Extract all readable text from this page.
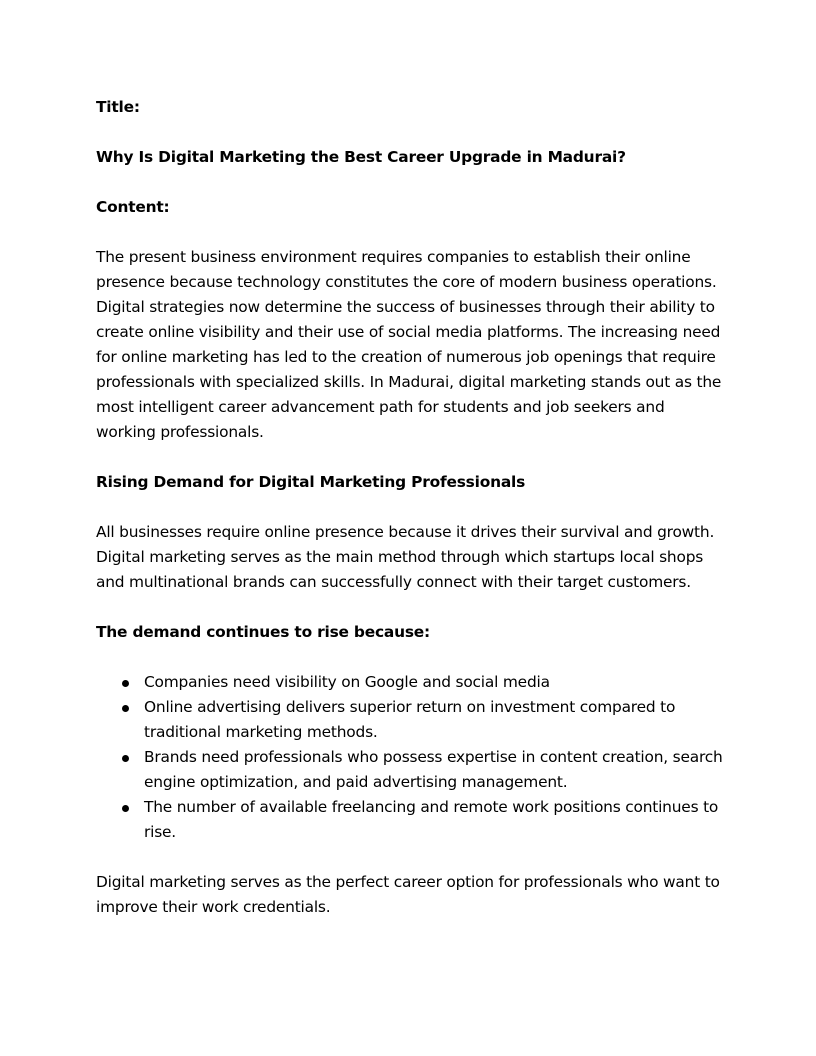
Title:
Why Is Digital Marketing the Best Career Upgrade in Madurai?
Content:
The present business environment requires companies to establish their online
presence because technology constitutes the core of modern business operations.
Digital strategies now determine the success of businesses through their ability to
create online visibility and their use of social media platforms. The increasing need
for online marketing has led to the creation of numerous job openings that require
professionals with specialized skills. In Madurai, digital marketing stands out as the
most intelligent career advancement path for students and job seekers and
working professionals.
Rising Demand for Digital Marketing Professionals
All businesses require online presence because it drives their survival and growth.
Digital marketing serves as the main method through which startups local shops
and multinational brands can successfully connect with their target customers.
The demand continues to rise because:
Companies need visibility on Google and social media
Online advertising delivers superior return on investment compared to
traditional marketing methods.
Brands need professionals who possess expertise in content creation, search
engine optimization, and paid advertising management.
The number of available freelancing and remote work positions continues to
rise.
Digital marketing serves as the perfect career option for professionals who want to
improve their work credentials.
